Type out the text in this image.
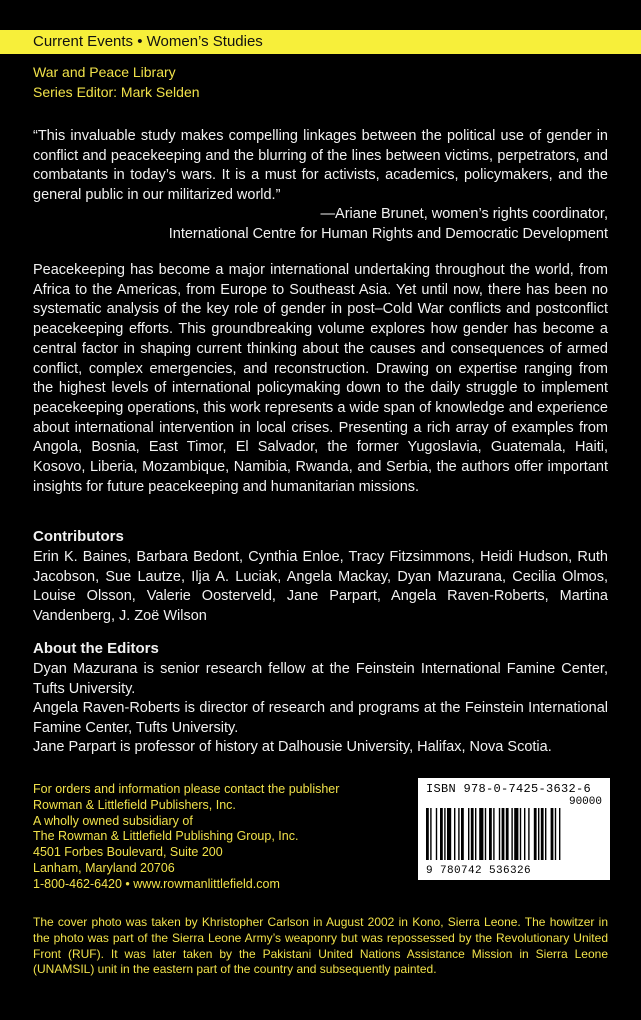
Current Events • Women’s Studies
War and Peace Library
Series Editor: Mark Selden
“This invaluable study makes compelling linkages between the political use of gender in conflict and peacekeeping and the blurring of the lines between victims, perpetrators, and combatants in today’s wars. It is a must for activists, academics, policymakers, and the general public in our militarized world.”
—Ariane Brunet, women’s rights coordinator,
International Centre for Human Rights and Democratic Development
Peacekeeping has become a major international undertaking throughout the world, from Africa to the Americas, from Europe to Southeast Asia. Yet until now, there has been no systematic analysis of the key role of gender in post–Cold War conflicts and postconflict peacekeeping efforts. This groundbreaking volume explores how gender has become a central factor in shaping current thinking about the causes and consequences of armed conflict, complex emergencies, and reconstruction. Drawing on expertise ranging from the highest levels of international policymaking down to the daily struggle to implement peacekeeping operations, this work represents a wide span of knowledge and experience about international intervention in local crises. Presenting a rich array of examples from Angola, Bosnia, East Timor, El Salvador, the former Yugoslavia, Guatemala, Haiti, Kosovo, Liberia, Mozambique, Namibia, Rwanda, and Serbia, the authors offer important insights for future peacekeeping and humanitarian missions.
Contributors
Erin K. Baines, Barbara Bedont, Cynthia Enloe, Tracy Fitzsimmons, Heidi Hudson, Ruth Jacobson, Sue Lautze, Ilja A. Luciak, Angela Mackay, Dyan Mazurana, Cecilia Olmos, Louise Olsson, Valerie Oosterveld, Jane Parpart, Angela Raven-Roberts, Martina Vandenberg, J. Zoë Wilson
About the Editors
Dyan Mazurana is senior research fellow at the Feinstein International Famine Center, Tufts University.
Angela Raven-Roberts is director of research and programs at the Feinstein International Famine Center, Tufts University.
Jane Parpart is professor of history at Dalhousie University, Halifax, Nova Scotia.
For orders and information please contact the publisher
Rowman & Littlefield Publishers, Inc.
A wholly owned subsidiary of
The Rowman & Littlefield Publishing Group, Inc.
4501 Forbes Boulevard, Suite 200
Lanham, Maryland 20706
1-800-462-6420 • www.rowmanlittlefield.com
ISBN 978-0-7425-3632-6
90000
9 780742 536326
The cover photo was taken by Khristopher Carlson in August 2002 in Kono, Sierra Leone. The howitzer in the photo was part of the Sierra Leone Army’s weaponry but was repossessed by the Revolutionary United Front (RUF). It was later taken by the Pakistani United Nations Assistance Mission in Sierra Leone (UNAMSIL) unit in the eastern part of the country and subsequently painted.
